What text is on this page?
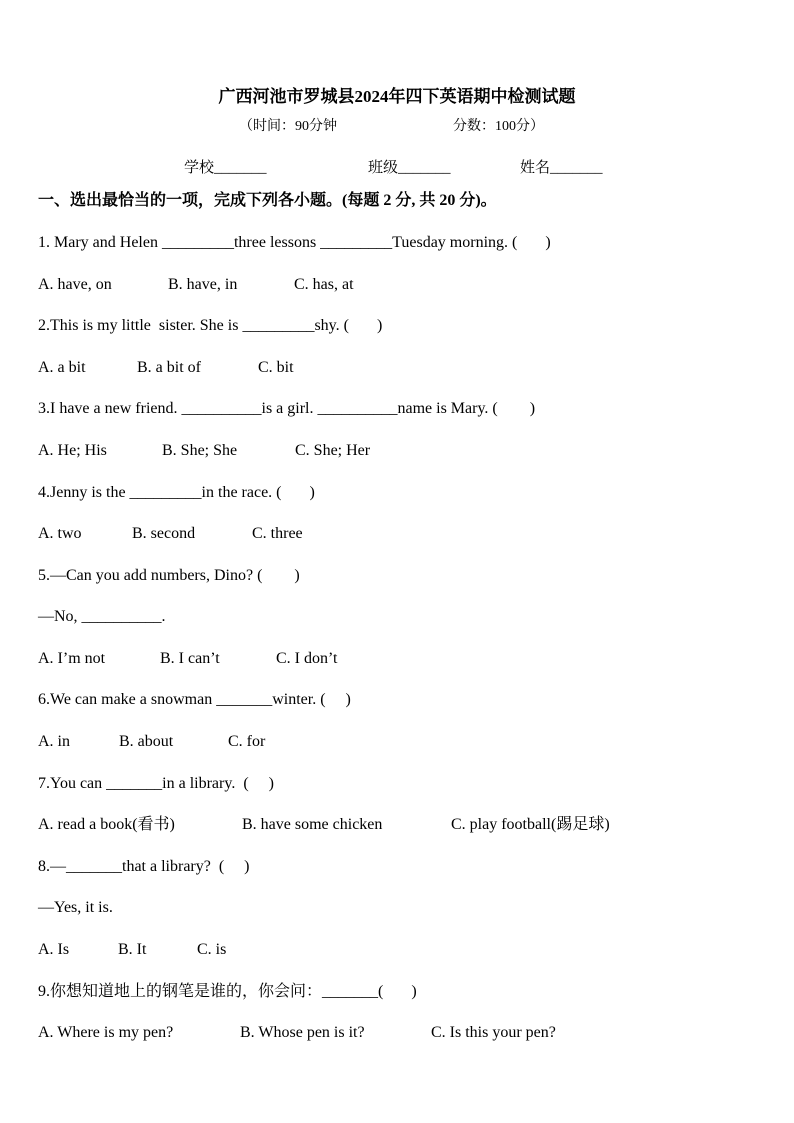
广西河池市罗城县2024年四下英语期中检测试题
（时间：90分钟	分数：100分）
学校_______	班级_______	姓名_______
一、选出最恰当的一项，完成下列各小题。(每题 2 分, 共 20 分)。
1. Mary and Helen _________three lessons _________Tuesday morning. (       )
A. have, on	B. have, in	C. has, at
2.This is my little  sister. She is _________shy. (       )
A. a bit	B. a bit of	C. bit
3.I have a new friend. __________is a girl. __________name is Mary. (        )
A. He; His	B. She; She	C. She; Her
4.Jenny is the _________in the race. (       )
A. two	B. second	C. three
5.—Can you add numbers, Dino? (        )
—No, __________.
A. I’m not	B. I can’t	C. I don’t
6.We can make a snowman _______winter. (     )
A. in	B. about	C. for
7.You can _______in a library.  (     )
A. read a book(看书)	B. have some chicken	C. play football(踢足球)
8.—_______that a library?  (     )
—Yes, it is.
A. Is	B. It	C. is
9.你想知道地上的钢笔是谁的，你会问：_______(       )
A. Where is my pen?	B. Whose pen is it?	C. Is this your pen?
